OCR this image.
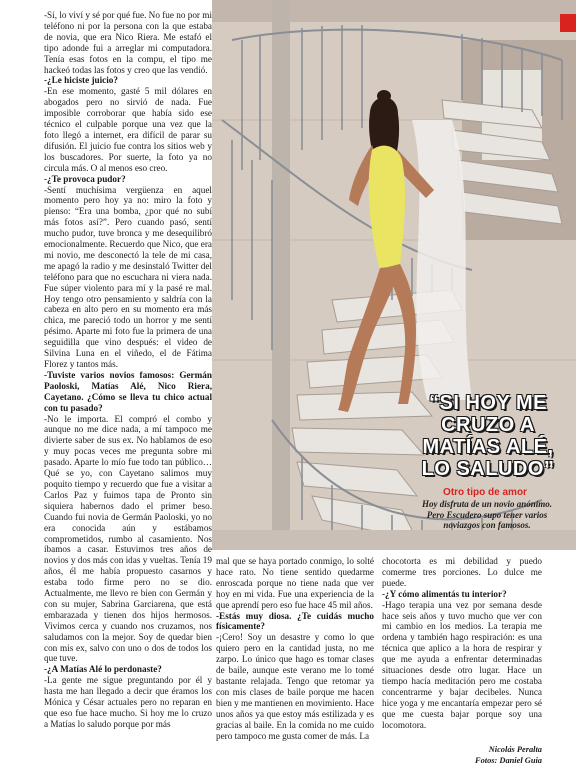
-Sí, lo viví y sé por qué fue. No fue no por mi teléfono ni por la persona con la que estaba de novia, que era Nico Riera. Me estafó el tipo adonde fui a arreglar mi computadora. Tenía esas fotos en la compu, el tipo me hackeó todas las fotos y creo que las vendió.

-¿Le hiciste juicio?

-En ese momento, gasté 5 mil dólares en abogados pero no sirvió de nada. Fue imposible corroborar que había sido ese técnico el culpable porque una vez que la foto llegó a internet, era difícil de parar su difusión. El juicio fue contra los sitios web y los buscadores. Por suerte, la foto ya no circula más. O al menos eso creo.

-¿Te provoca pudor?

-Sentí muchísima vergüenza en aquel momento pero hoy ya no: miro la foto y pienso: “Era una bomba, ¿por qué no subí más fotos así?”. Pero cuando pasó, sentí mucho pudor, tuve bronca y me desequilibró emocionalmente. Recuerdo que Nico, que era mi novio, me desconectó la tele de mi casa, me apagó la radio y me desinstaló Twitter del teléfono para que no escuchara ni viera nada. Fue súper violento para mí y la pasé re mal. Hoy tengo otro pensamiento y saldría con la cabeza en alto pero en su momento era más chica, me pareció todo un horror y me sentí pésimo. Aparte mi foto fue la primera de una seguidilla que vino después: el video de Silvina Luna en el viñedo, el de Fátima Florez y tantos más.

-Tuviste varios novios famosos: Germán Paoloski, Matías Alé, Nico Riera, Cayetano. ¿Cómo se lleva tu chico actual con tu pasado?

-No le importa. El compró el combo y aunque no me dice nada, a mí tampoco me divierte saber de sus ex. No hablamos de eso y muy pocas veces me pregunta sobre mi pasado. Aparte lo mío fue todo tan público… Qué se yo, con Cayetano salimos muy poquito tiempo y recuerdo que fue a visitar a Carlos Paz y fuimos tapa de Pronto sin siquiera habernos dado el primer beso. Cuando fui novia de Germán Paoloski, yo no era conocida aún y estábamos comprometidos, rumbo al casamiento. Nos íbamos a casar. Estuvimos tres años de novios y dos más con idas y vueltas. Tenía 19 años, él me había propuesto casarnos y estaba todo firme pero no se dio. Actualmente, me llevo re bien con Germán y con su mujer, Sabrina Garciarena, que está embarazada y tienen dos hijos hermosos. Vivimos cerca y cuando nos cruzamos, nos saludamos con la mejor. Soy de quedar bien con mis ex, salvo con uno o dos de todos los que tuve.

-¿A Matías Alé lo perdonaste?

-La gente me sigue preguntando por él y hasta me han llegado a decir que éramos los Mónica y César actuales pero no reparan en que eso fue hace mucho. Si hoy me lo cruzo a Matías lo saludo porque por más

“SI HOY ME CRUZO A MATÍAS ALÉ, LO SALUDO”
Otro tipo de amor
Hoy disfruta de un novio anónimo. Pero Escudero supo tener varios noviazgos con famosos.

mal que se haya portado conmigo, lo solté hace rato. No tiene sentido quedarme enroscada porque no tiene nada que ver hoy en mi vida. Fue una experiencia de la que aprendí pero eso fue hace 45 mil años.

-Estás muy diosa. ¿Te cuidás mucho físicamente?

-¡Cero! Soy un desastre y como lo que quiero pero en la cantidad justa, no me zarpo. Lo único que hago es tomar clases de baile, aunque este verano me lo tomé bastante relajada. Tengo que retomar ya con mis clases de baile porque me hacen bien y me mantienen en movimiento. Hace unos años ya que estoy más estilizada y es gracias al baile. En la comida no me cuido pero tampoco me gusta comer de más. La

chocotorta es mi debilidad y puedo comerme tres porciones. Lo dulce me puede.

-¿Y cómo alimentás tu interior?

-Hago terapia una vez por semana desde hace seis años y tuvo mucho que ver con mi cambio en los medios. La terapia me ordena y también hago respiración: es una técnica que aplico a la hora de respirar y que me ayuda a enfrentar determinadas situaciones desde otro lugar. Hace un tiempo hacía meditación pero me costaba concentrarme y bajar decibeles. Nunca hice yoga y me encantaría empezar pero sé que me cuesta bajar porque soy una locomotora.

Nicolás Peralta
Fotos: Daniel Guia
